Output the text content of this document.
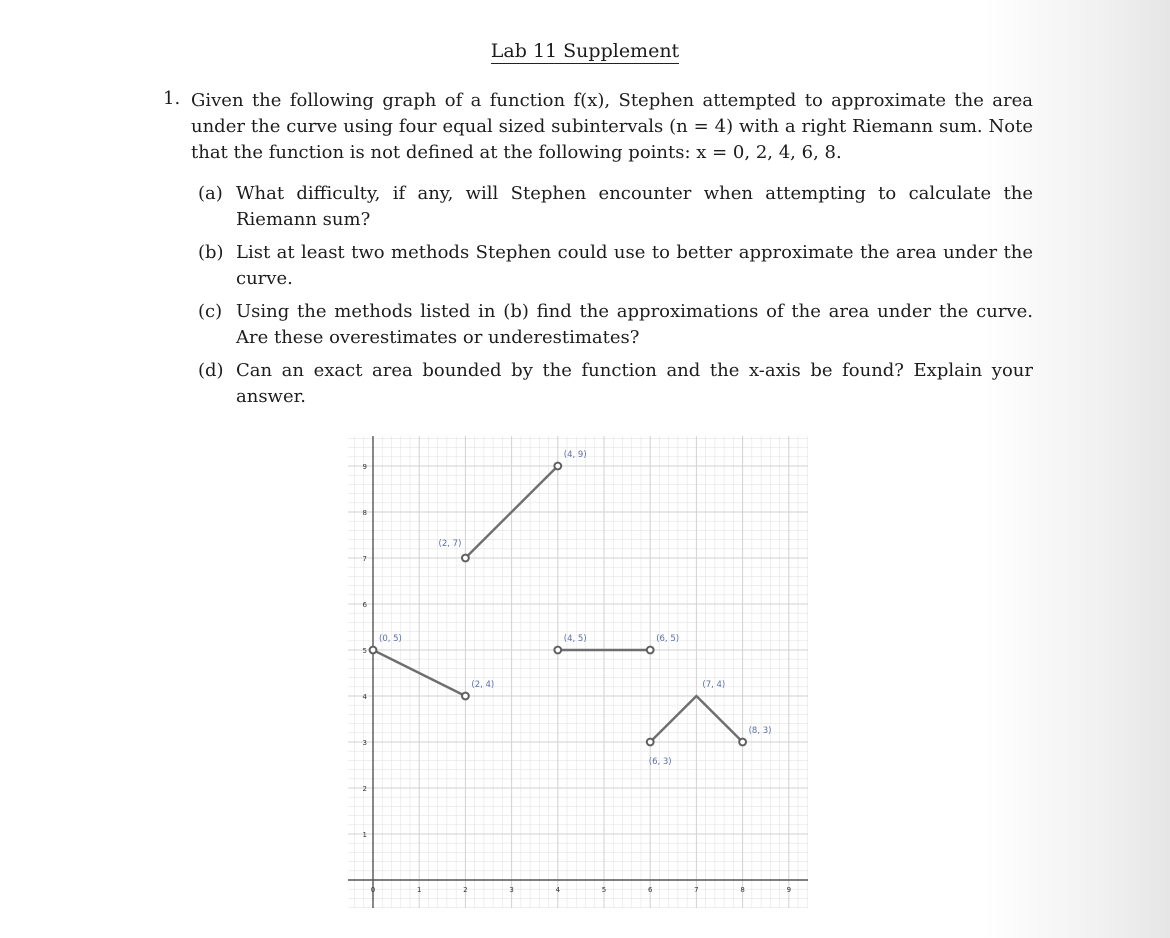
Lab 11 Supplement
1. Given the following graph of a function f(x), Stephen attempted to approximate the area under the curve using four equal sized subintervals (n = 4) with a right Riemann sum. Note that the function is not defined at the following points: x = 0, 2, 4, 6, 8.
(a) What difficulty, if any, will Stephen encounter when attempting to calculate the Riemann sum?
(b) List at least two methods Stephen could use to better approximate the area under the curve.
(c) Using the methods listed in (b) find the approximations of the area under the curve. Are these overestimates or underestimates?
(d) Can an exact area bounded by the function and the x-axis be found? Explain your answer.
0	1	2	3	4	5	6	7	8	9
1
2
3
4
5
6
7
8
9
(0, 5)
(2, 4)
(2, 7)
(4, 9)
(4, 5)	(6, 5)
(7, 4)
(8, 3)
(6, 3)
